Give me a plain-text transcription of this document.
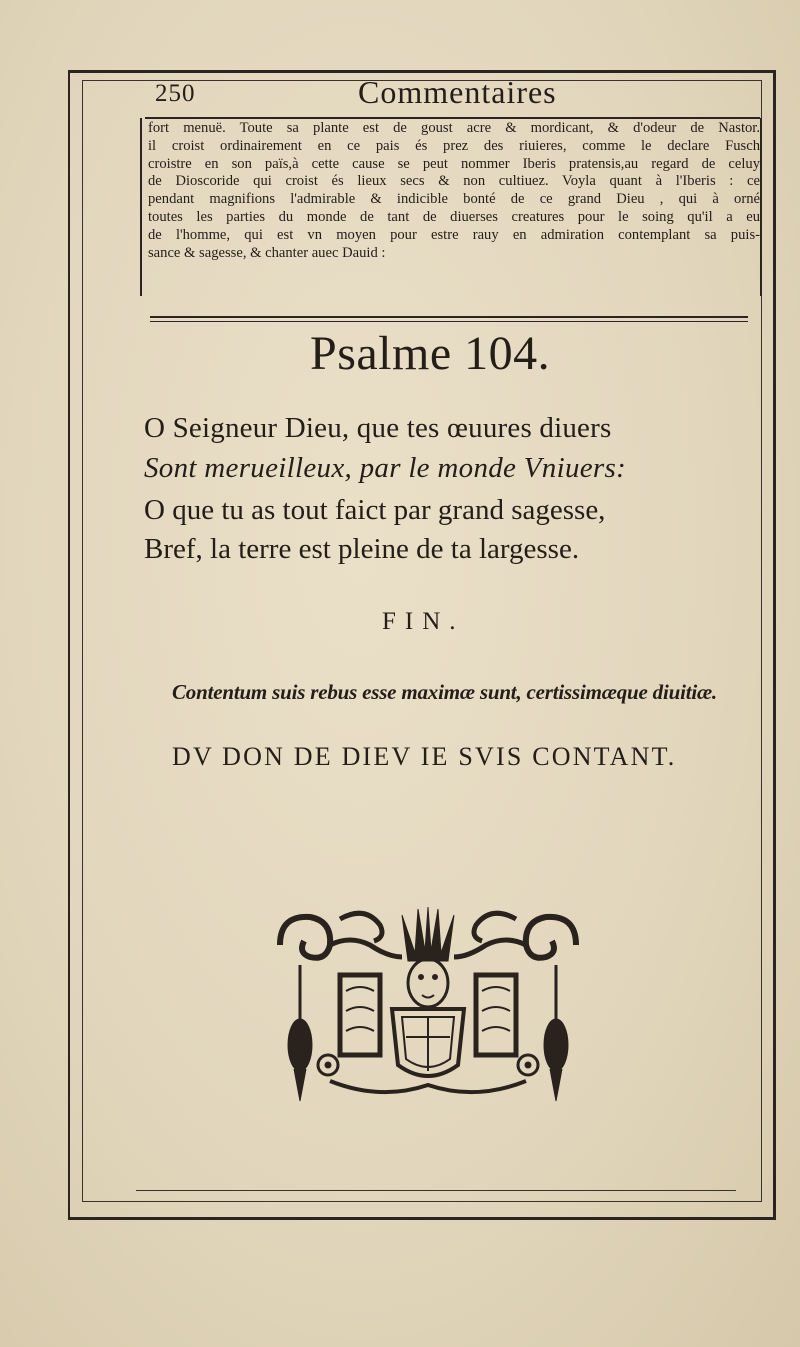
250	Commentaires
fort menuë. Toute sa plante est de goust acre & mordicant, & d'odeur de Nastor.
il croist ordinairement en ce pais és prez des riuieres, comme le declare Fusch
croistre en son païs,à cette cause se peut nommer Iberis pratensis,au regard de celuy
de Dioscoride qui croist és lieux secs & non cultiuez. Voyla quant à l'Iberis : ce
pendant magnifions l'admirable & indicible bonté de ce grand Dieu , qui à orné
toutes les parties du monde de tant de diuerses creatures pour le soing qu'il a eu
de l'homme, qui est vn moyen pour estre rauy en admiration contemplant sa puis-
sance & sagesse, & chanter auec Dauid :
Psalme 104.
O Seigneur Dieu, que tes œuures diuers
Sont merueilleux, par le monde Vniuers:
O que tu as tout faict par grand sagesse,
Bref, la terre est pleine de ta largesse.
FIN.
Contentum suis rebus esse maximæ sunt, certissimæque diuitiæ.
DV DON DE DIEV IE SVIS CONTANT.
